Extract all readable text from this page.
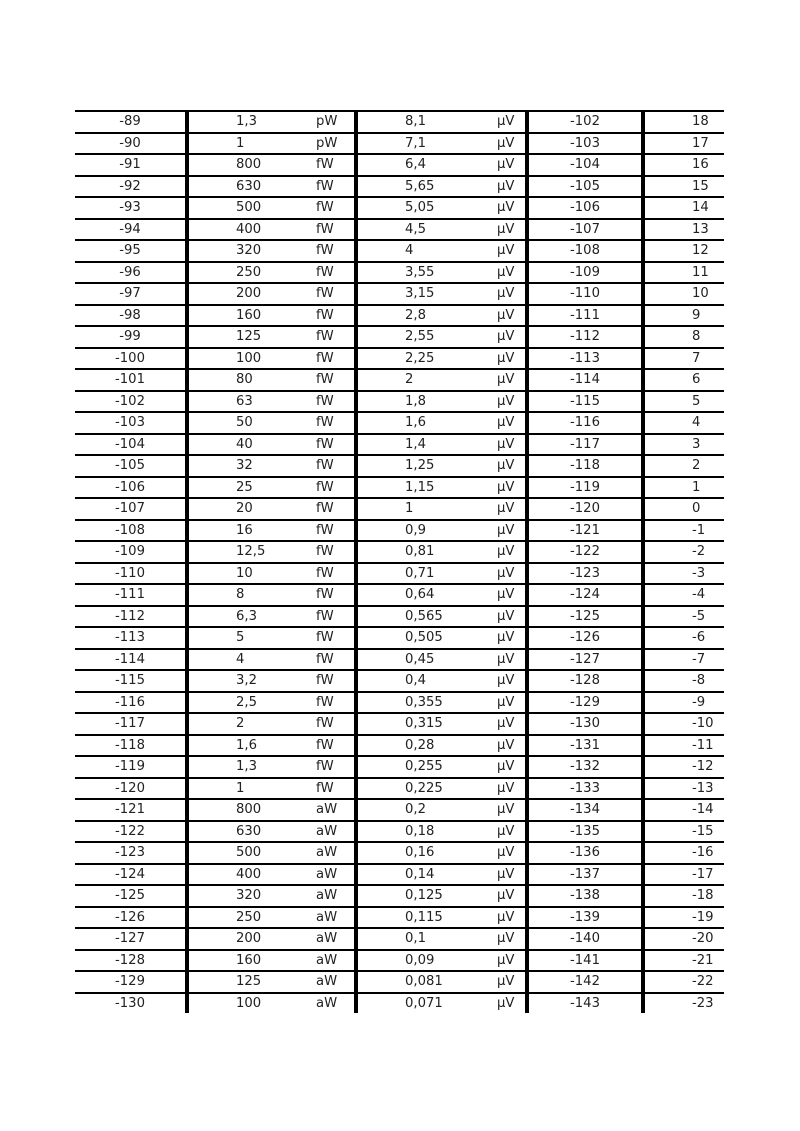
-89	1,3	pW	8,1	µV	-102	18
-90	1	pW	7,1	µV	-103	17
-91	800	fW	6,4	µV	-104	16
-92	630	fW	5,65	µV	-105	15
-93	500	fW	5,05	µV	-106	14
-94	400	fW	4,5	µV	-107	13
-95	320	fW	4	µV	-108	12
-96	250	fW	3,55	µV	-109	11
-97	200	fW	3,15	µV	-110	10
-98	160	fW	2,8	µV	-111	9
-99	125	fW	2,55	µV	-112	8
-100	100	fW	2,25	µV	-113	7
-101	80	fW	2	µV	-114	6
-102	63	fW	1,8	µV	-115	5
-103	50	fW	1,6	µV	-116	4
-104	40	fW	1,4	µV	-117	3
-105	32	fW	1,25	µV	-118	2
-106	25	fW	1,15	µV	-119	1
-107	20	fW	1	µV	-120	0
-108	16	fW	0,9	µV	-121	-1
-109	12,5	fW	0,81	µV	-122	-2
-110	10	fW	0,71	µV	-123	-3
-111	8	fW	0,64	µV	-124	-4
-112	6,3	fW	0,565	µV	-125	-5
-113	5	fW	0,505	µV	-126	-6
-114	4	fW	0,45	µV	-127	-7
-115	3,2	fW	0,4	µV	-128	-8
-116	2,5	fW	0,355	µV	-129	-9
-117	2	fW	0,315	µV	-130	-10
-118	1,6	fW	0,28	µV	-131	-11
-119	1,3	fW	0,255	µV	-132	-12
-120	1	fW	0,225	µV	-133	-13
-121	800	aW	0,2	µV	-134	-14
-122	630	aW	0,18	µV	-135	-15
-123	500	aW	0,16	µV	-136	-16
-124	400	aW	0,14	µV	-137	-17
-125	320	aW	0,125	µV	-138	-18
-126	250	aW	0,115	µV	-139	-19
-127	200	aW	0,1	µV	-140	-20
-128	160	aW	0,09	µV	-141	-21
-129	125	aW	0,081	µV	-142	-22
-130	100	aW	0,071	µV	-143	-23
